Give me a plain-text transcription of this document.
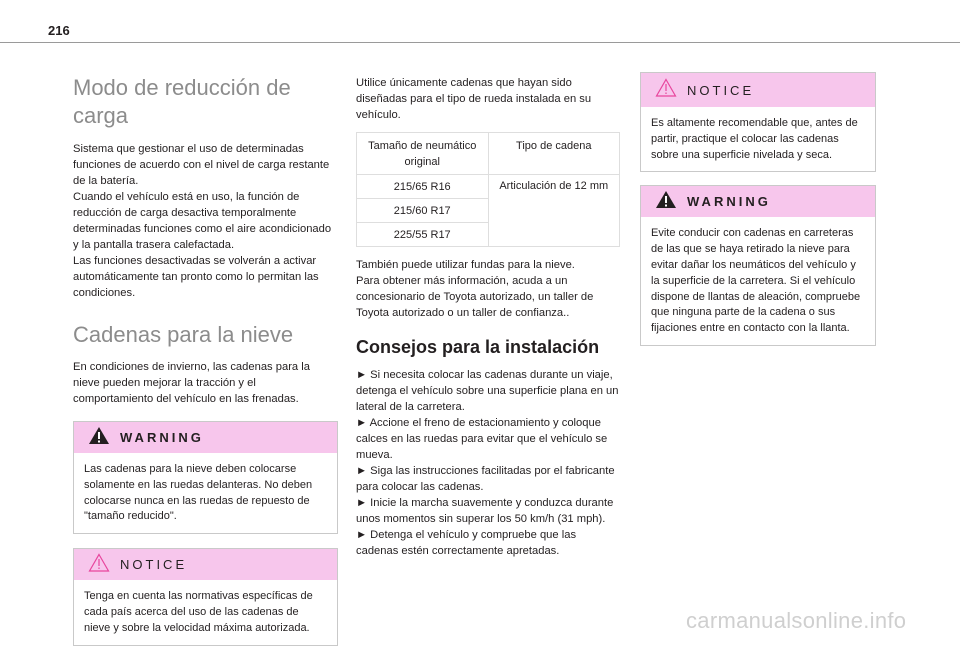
216
Modo de reducción de carga

Sistema que gestionar el uso de determinadas funciones de acuerdo con el nivel de carga restante de la batería.

Cuando el vehículo está en uso, la función de reducción de carga desactiva temporalmente determinadas funciones como el aire acondicionado y la pantalla trasera calefactada.

Las funciones desactivadas se volverán a activar automáticamente tan pronto como lo permitan las condiciones.

Cadenas para la nieve

En condiciones de invierno, las cadenas para la nieve pueden mejorar la tracción y el comportamiento del vehículo en las frenadas.

WARNING

Las cadenas para la nieve deben colocarse solamente en las ruedas delanteras. No deben colocarse nunca en las ruedas de repuesto de "tamaño reducido".

NOTICE

Tenga en cuenta las normativas específicas de cada país acerca del uso de las cadenas de nieve y sobre la velocidad máxima autorizada.

Utilice únicamente cadenas que hayan sido diseñadas para el tipo de rueda instalada en su vehículo.

Tamaño de neumático original	Tipo de cadena
215/65 R16	Articulación de 12 mm
215/60 R17	
225/55 R17	

También puede utilizar fundas para la nieve.

Para obtener más información, acuda a un concesionario de Toyota autorizado, un taller de Toyota autorizado o un taller de confianza..

Consejos para la instalación

► Si necesita colocar las cadenas durante un viaje, detenga el vehículo sobre una superficie plana en un lateral de la carretera.

► Accione el freno de estacionamiento y coloque calces en las ruedas para evitar que el vehículo se mueva.

► Siga las instrucciones facilitadas por el fabricante para colocar las cadenas.

► Inicie la marcha suavemente y conduzca durante unos momentos sin superar los 50 km/h (31 mph).

► Detenga el vehículo y compruebe que las cadenas estén correctamente apretadas.

NOTICE

Es altamente recomendable que, antes de partir, practique el colocar las cadenas sobre una superficie nivelada y seca.

WARNING

Evite conducir con cadenas en carreteras de las que se haya retirado la nieve para evitar dañar los neumáticos del vehículo y la superficie de la carretera. Si el vehículo dispone de llantas de aleación, compruebe que ninguna parte de la cadena o sus fijaciones entre en contacto con la llanta.

carmanualsonline.info
